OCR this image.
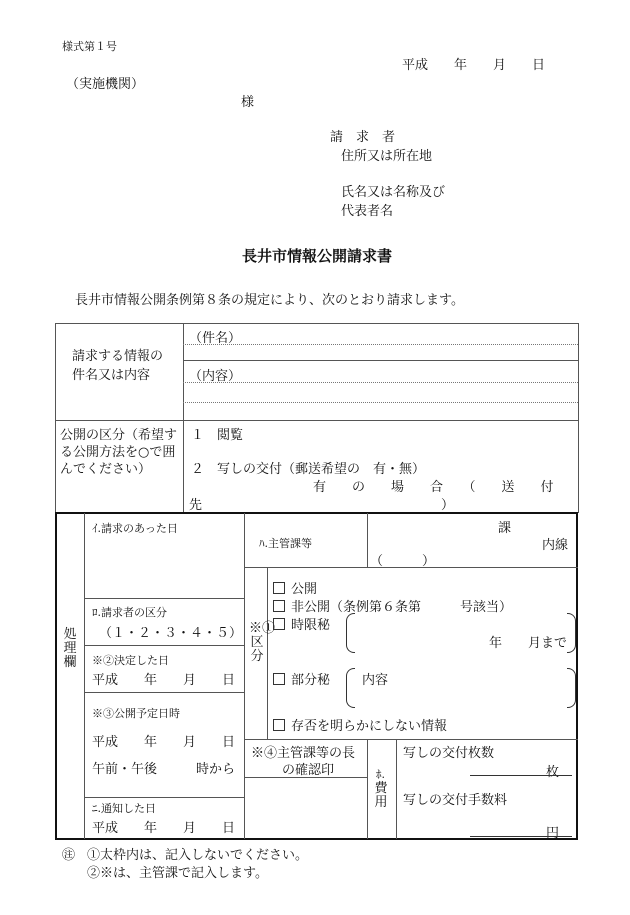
様式第１号
平成　　年　　月　　日
（実施機関）
様
請　求　者
住所又は所在地
氏名又は名称及び
代表者名
長井市情報公開請求書
長井市情報公開条例第８条の規定により、次のとおり請求します。
請求する情報の
件名又は内容
（件名）
（内容）
公開の区分（希望す
る公開方法を○で囲
んでください）
１　閲覧
２　写しの交付（郵送希望の　有・無）
有　　の　　場　　合　　（　　送　　付
先	）
処理欄
ｲ.請求のあった日
ﾛ.請求者の区分
（１・２・３・４・５）
※②決定した日
平成　　年　　月　　日
※③公開予定日時
平成　　年　　月　　日
午前・午後　　　時から
ﾆ.通知した日
平成　　年　　月　　日
ﾊ.主管課等
課
内線
（　　　）
※①区分
公開
非公開（条例第６条第　　　号該当）
時限秘
年　　月まで
部分秘 内容
存否を明らかにしない情報
※④主管課等の長
の確認印	ﾎ.
費用
写しの交付枚数
枚
写しの交付手数料
円
㊟ ①太枠内は、記入しないでください。
②※は、主管課で記入します。
